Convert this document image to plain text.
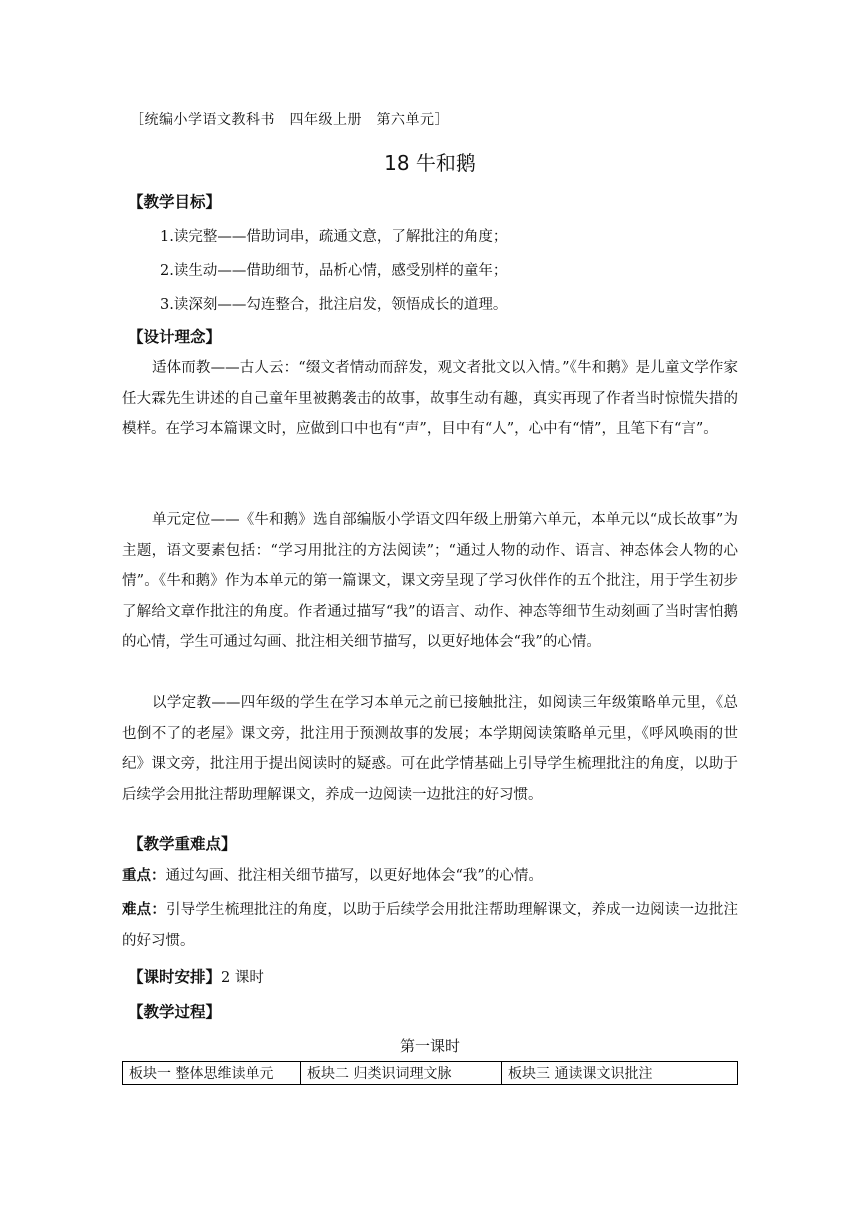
［统编小学语文教科书　四年级上册　第六单元］
18 牛和鹅
【教学目标】
1.读完整——借助词串，疏通文意，了解批注的角度；
2.读生动——借助细节，品析心情，感受别样的童年；
3.读深刻——勾连整合，批注启发，领悟成长的道理。
【设计理念】
适体而教——古人云：“缀文者情动而辞发，观文者批文以入情。”《牛和鹅》是儿童文学作家任大霖先生讲述的自己童年里被鹅袭击的故事，故事生动有趣，真实再现了作者当时惊慌失措的模样。在学习本篇课文时，应做到口中也有“声”，目中有“人”，心中有“情”，且笔下有“言”。
单元定位——《牛和鹅》选自部编版小学语文四年级上册第六单元，本单元以“成长故事”为主题，语文要素包括：“学习用批注的方法阅读”；“通过人物的动作、语言、神态体会人物的心情”。《牛和鹅》作为本单元的第一篇课文，课文旁呈现了学习伙伴作的五个批注，用于学生初步了解给文章作批注的角度。作者通过描写“我”的语言、动作、神态等细节生动刻画了当时害怕鹅的心情，学生可通过勾画、批注相关细节描写，以更好地体会“我”的心情。
以学定教——四年级的学生在学习本单元之前已接触批注，如阅读三年级策略单元里，《总也倒不了的老屋》课文旁，批注用于预测故事的发展；本学期阅读策略单元里，《呼风唤雨的世纪》课文旁，批注用于提出阅读时的疑惑。可在此学情基础上引导学生梳理批注的角度，以助于后续学会用批注帮助理解课文，养成一边阅读一边批注的好习惯。
【教学重难点】
重点：通过勾画、批注相关细节描写，以更好地体会“我”的心情。
难点：引导学生梳理批注的角度，以助于后续学会用批注帮助理解课文，养成一边阅读一边批注的好习惯。
【课时安排】2 课时
【教学过程】
第一课时
板块一 整体思维读单元	板块二 归类识词理文脉	板块三 通读课文识批注
